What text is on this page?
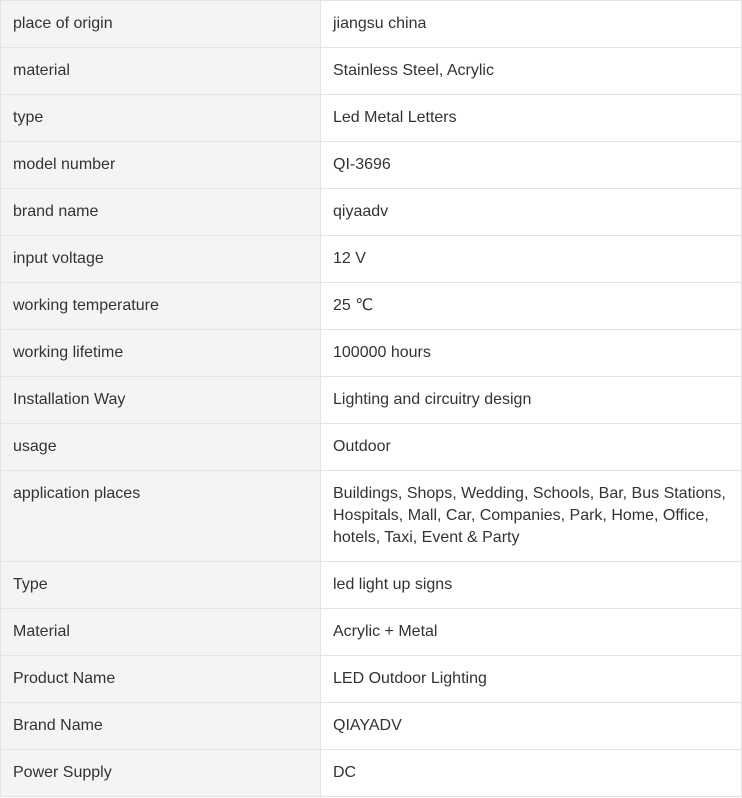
place of origin	jiangsu china
material	Stainless Steel, Acrylic
type	Led Metal Letters
model number	QI-3696
brand name	qiyaadv
input voltage	12 V
working temperature	25 ℃
working lifetime	100000 hours
Installation Way	Lighting and circuitry design
usage	Outdoor
application places	Buildings, Shops, Wedding, Schools, Bar, Bus Stations, Hospitals, Mall, Car, Companies, Park, Home, Office, hotels, Taxi, Event & Party
Type	led light up signs
Material	Acrylic + Metal
Product Name	LED Outdoor Lighting
Brand Name	QIAYADV
Power Supply	DC
